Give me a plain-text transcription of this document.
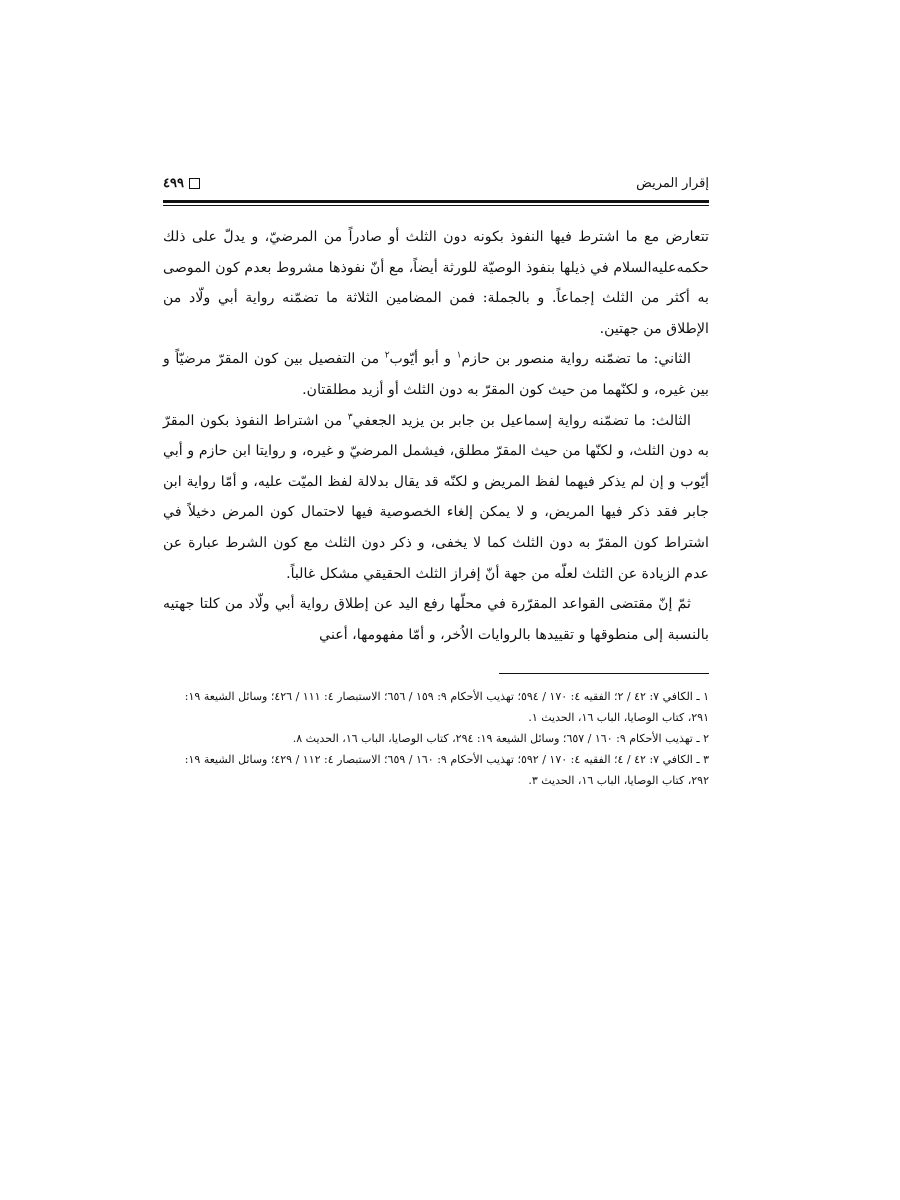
إقرار المريض
٤٩٩

تتعارض مع ما اشترط فيها النفوذ بكونه دون الثلث أو صادراً من المرضيّ، و يدلّ على ذلك حكمه‌عليه‌السلام في ذيلها بنفوذ الوصيّة للورثة أيضاً، مع أنّ نفوذها مشروط بعدم كون الموصى به أكثر من الثلث إجماعاً. و بالجملة: فمن المضامين الثلاثة ما تضمّنه رواية أبي ولّاد من الإطلاق من جهتين.

الثاني: ما تضمّنه رواية منصور بن حازم$^١$ و أبو أيّوب$^٢$ من التفصيل بين كون المقرّ مرضيّاً و بين غيره، و لكنّهما من حيث كون المقرّ به دون الثلث أو أزيد مطلقتان.

الثالث: ما تضمّنه رواية إسماعيل بن جابر بن يزيد الجعفي$^٣$ من اشتراط النفوذ بكون المقرّ به دون الثلث، و لكنّها من حيث المقرّ مطلق، فيشمل المرضيّ و غيره، و روايتا ابن حازم و أبي أيّوب و إن لم يذكر فيهما لفظ المريض و لكنّه قد يقال بدلالة لفظ الميّت عليه، و أمّا رواية ابن جابر فقد ذكر فيها المريض، و لا يمكن إلغاء الخصوصية فيها لاحتمال كون المرض دخيلاً في اشتراط كون المقرّ به دون الثلث كما لا يخفى، و ذكر دون الثلث مع كون الشرط عبارة عن عدم الزيادة عن الثلث لعلّه من جهة أنّ إفراز الثلث الحقيقي مشكل غالباً.

ثمّ إنّ مقتضى القواعد المقرّرة في محلّها رفع اليد عن إطلاق رواية أبي ولّاد من كلتا جهتيه بالنسبة إلى منطوقها و تقييدها بالروايات الاُخر، و أمّا مفهومها، أعني

١ ـ الكافي ٧: ٤٢ / ٢؛ الفقيه ٤: ١٧٠ / ٥٩٤؛ تهذيب الأحكام ٩: ١٥٩ / ٦٥٦؛ الاستبصار ٤: ١١١ / ٤٢٦؛ وسائل الشيعة ١٩: ٢٩١، كتاب الوصايا، الباب ١٦، الحديث ١.

٢ ـ تهذيب الأحكام ٩: ١٦٠ / ٦٥٧؛ وسائل الشيعة ١٩: ٢٩٤، كتاب الوصايا، الباب ١٦، الحديث ٨.

٣ ـ الكافي ٧: ٤٢ / ٤؛ الفقيه ٤: ١٧٠ / ٥٩٢؛ تهذيب الأحكام ٩: ١٦٠ / ٦٥٩؛ الاستبصار ٤: ١١٢ / ٤٢٩؛ وسائل الشيعة ١٩: ٢٩٢، كتاب الوصايا، الباب ١٦، الحديث ٣.
